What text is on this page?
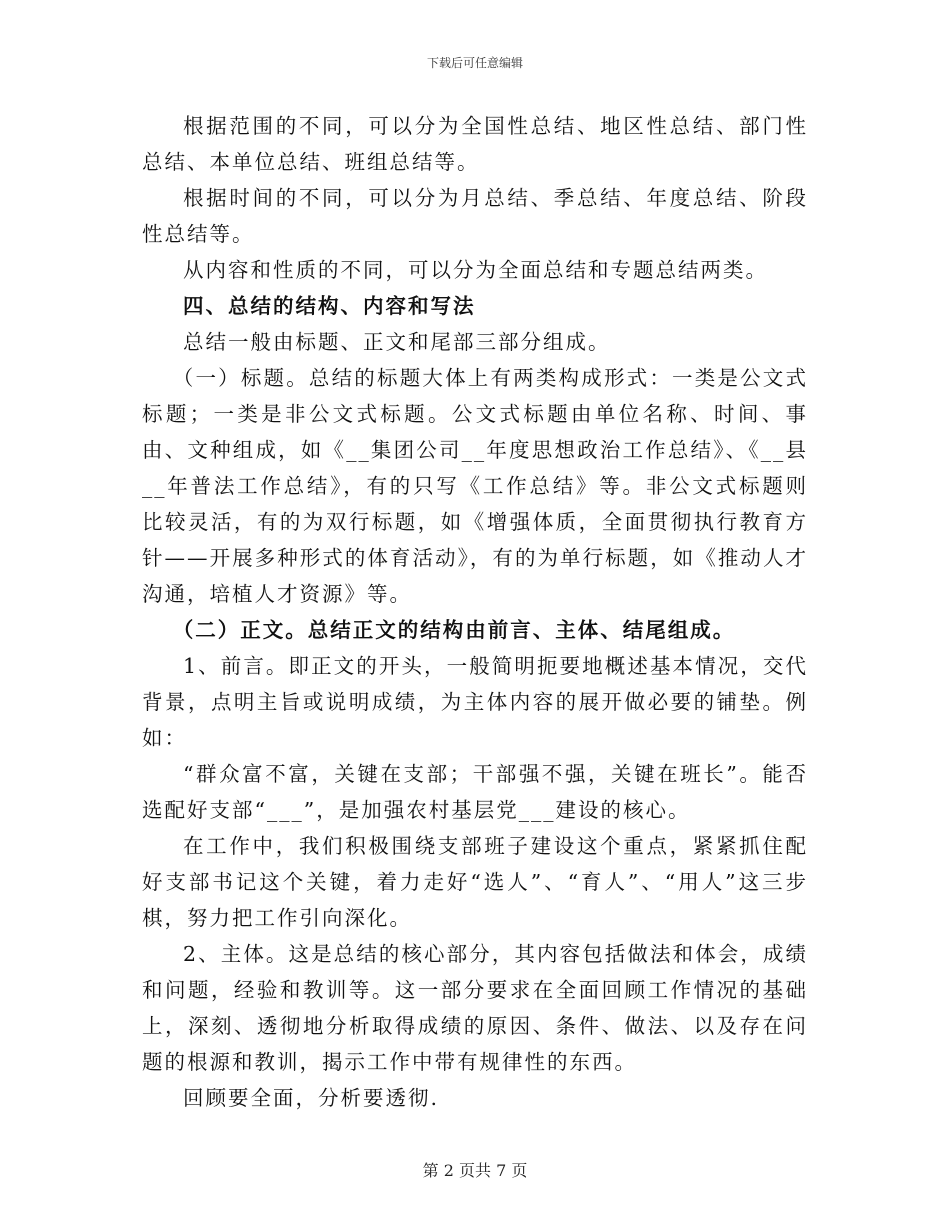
下载后可任意编辑

根据范围的不同，可以分为全国性总结、地区性总结、部门性总结、本单位总结、班组总结等。

根据时间的不同，可以分为月总结、季总结、年度总结、阶段性总结等。

从内容和性质的不同，可以分为全面总结和专题总结两类。

四、总结的结构、内容和写法

总结一般由标题、正文和尾部三部分组成。

（一）标题。总结的标题大体上有两类构成形式：一类是公文式标题；一类是非公文式标题。公文式标题由单位名称、时间、事由、文种组成，如《__集团公司__年度思想政治工作总结》、《__县__年普法工作总结》，有的只写《工作总结》等。非公文式标题则比较灵活，有的为双行标题，如《增强体质，全面贯彻执行教育方针——开展多种形式的体育活动》，有的为单行标题，如《推动人才沟通，培植人才资源》等。

（二）正文。总结正文的结构由前言、主体、结尾组成。

1、前言。即正文的开头，一般简明扼要地概述基本情况，交代背景，点明主旨或说明成绩，为主体内容的展开做必要的铺垫。例如：

“群众富不富，关键在支部；干部强不强，关键在班长”。能否选配好支部“___”，是加强农村基层党___建设的核心。

在工作中，我们积极围绕支部班子建设这个重点，紧紧抓住配好支部书记这个关键，着力走好“选人”、“育人”、“用人”这三步棋，努力把工作引向深化。

2、主体。这是总结的核心部分，其内容包括做法和体会，成绩和问题，经验和教训等。这一部分要求在全面回顾工作情况的基础上，深刻、透彻地分析取得成绩的原因、条件、做法、以及存在问题的根源和教训，揭示工作中带有规律性的东西。

回顾要全面，分析要透彻.

第 2 页共 7 页
